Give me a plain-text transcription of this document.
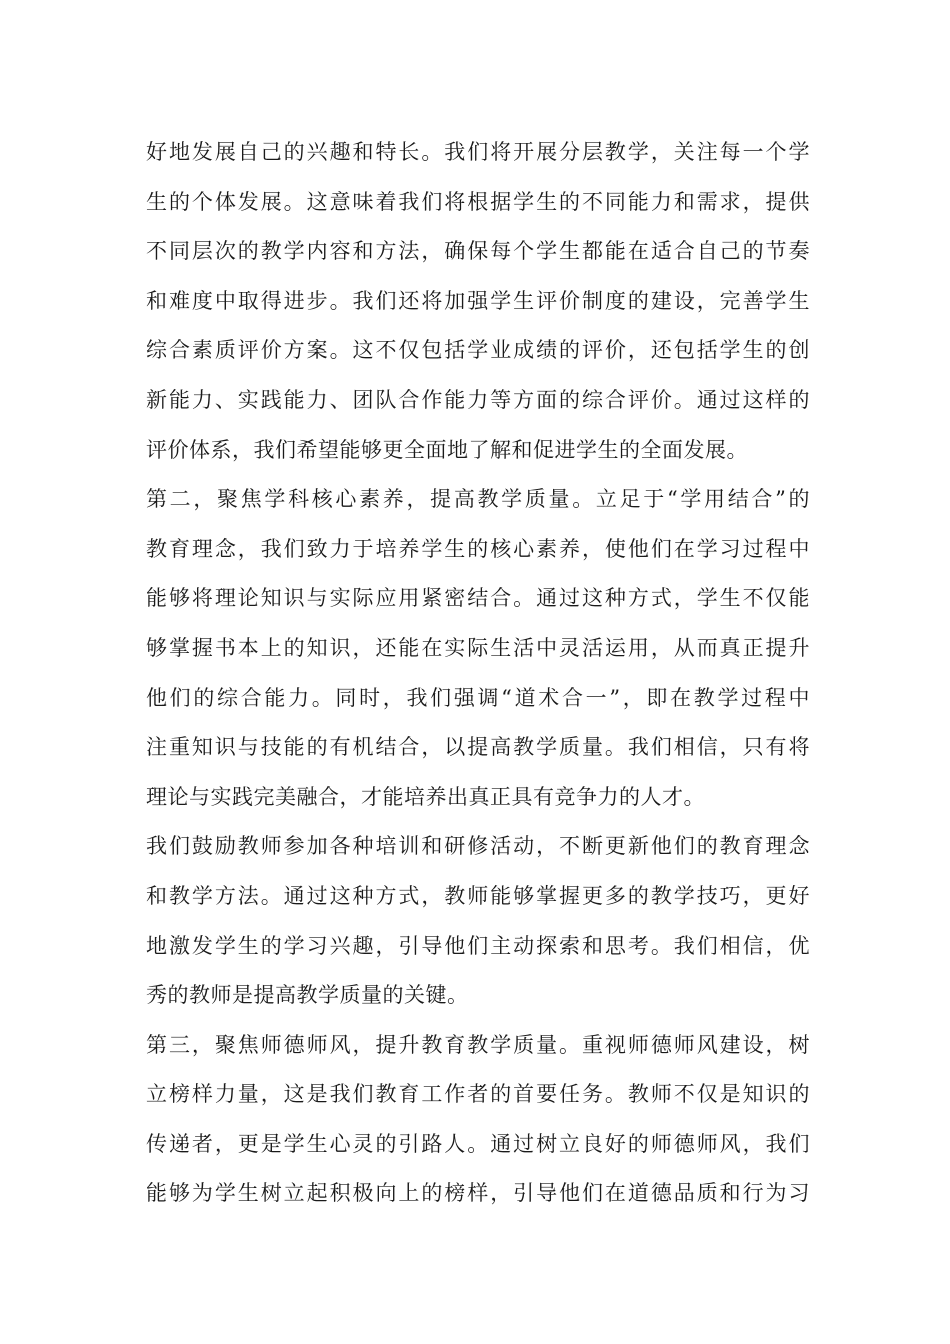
好地发展自己的兴趣和特长。我们将开展分层教学，关注每一个学
生的个体发展。这意味着我们将根据学生的不同能力和需求，提供
不同层次的教学内容和方法，确保每个学生都能在适合自己的节奏
和难度中取得进步。我们还将加强学生评价制度的建设，完善学生
综合素质评价方案。这不仅包括学业成绩的评价，还包括学生的创
新能力、实践能力、团队合作能力等方面的综合评价。通过这样的
评价体系，我们希望能够更全面地了解和促进学生的全面发展。
第二，聚焦学科核心素养，提高教学质量。立足于“学用结合”的
教育理念，我们致力于培养学生的核心素养，使他们在学习过程中
能够将理论知识与实际应用紧密结合。通过这种方式，学生不仅能
够掌握书本上的知识，还能在实际生活中灵活运用，从而真正提升
他们的综合能力。同时，我们强调“道术合一”，即在教学过程中
注重知识与技能的有机结合，以提高教学质量。我们相信，只有将
理论与实践完美融合，才能培养出真正具有竞争力的人才。
我们鼓励教师参加各种培训和研修活动，不断更新他们的教育理念
和教学方法。通过这种方式，教师能够掌握更多的教学技巧，更好
地激发学生的学习兴趣，引导他们主动探索和思考。我们相信，优
秀的教师是提高教学质量的关键。
第三，聚焦师德师风，提升教育教学质量。重视师德师风建设，树
立榜样力量，这是我们教育工作者的首要任务。教师不仅是知识的
传递者，更是学生心灵的引路人。通过树立良好的师德师风，我们
能够为学生树立起积极向上的榜样，引导他们在道德品质和行为习
